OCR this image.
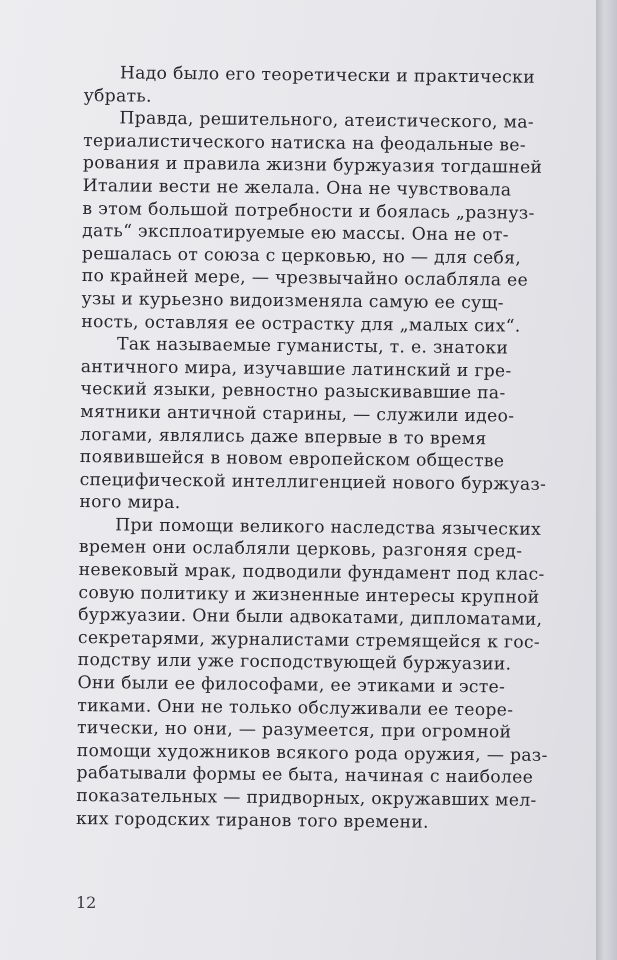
Надо было его теоретически и практически
убрать.

Правда, решительного, атеистического, ма-
териалистического натиска на феодальные ве-
рования и правила жизни буржуазия тогдашней
Италии вести не желала. Она не чувствовала
в этом большой потребности и боялась „разнуз-
дать“ эксплоатируемые ею массы. Она не от-
решалась от союза с церковью, но — для себя,
по крайней мере, — чрезвычайно ослабляла ее
узы и курьезно видоизменяла самую ее сущ-
ность, оставляя ее острастку для „малых сих“.

Так называемые гуманисты, т. е. знатоки
античного мира, изучавшие латинский и гре-
ческий языки, ревностно разыскивавшие па-
мятники античной старины, — служили идео-
логами, являлись даже впервые в то время
появившейся в новом европейском обществе
специфической интеллигенцией нового буржуаз-
ного мира.

При помощи великого наследства языческих
времен они ослабляли церковь, разгоняя сред-
невековый мрак, подводили фундамент под клас-
совую политику и жизненные интересы крупной
буржуазии. Они были адвокатами, дипломатами,
секретарями, журналистами стремящейся к гос-
подству или уже господствующей буржуазии.
Они были ее философами, ее этиками и эсте-
тиками. Они не только обслуживали ее теоре-
тически, но они, — разумеется, при огромной
помощи художников всякого рода оружия, — раз-
рабатывали формы ее быта, начиная с наиболее
показательных — придворных, окружавших мел-
ких городских тиранов того времени.

12
